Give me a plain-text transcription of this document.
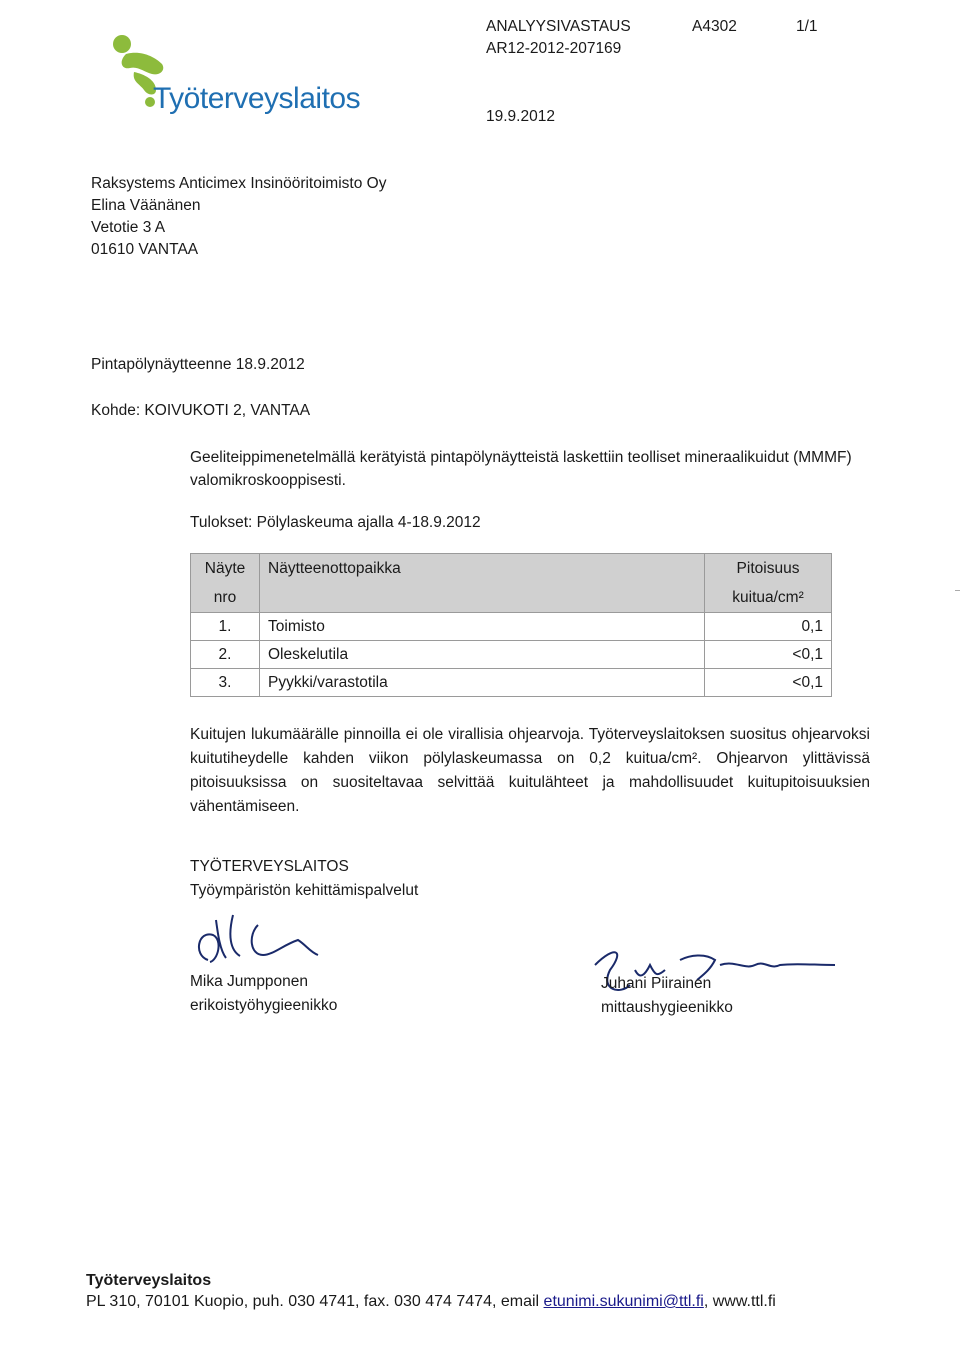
Työterveyslaitos
ANALYYSIVASTAUS	A4302	1/1
AR12-2012-207169
19.9.2012
Raksystems Anticimex Insinööritoimisto Oy
Elina Väänänen
Vetotie 3 A
01610 VANTAA
Pintapölynäytteenne 18.9.2012
Kohde: KOIVUKOTI 2, VANTAA
Geeliteippimenetelmällä kerätyistä pintapölynäytteistä laskettiin teolliset mineraalikuidut (MMMF) valomikroskooppisesti.
Tulokset: Pölylaskeuma ajalla 4-18.9.2012
Näyte	Näytteenottopaikka	Pitoisuus
nro		kuitua/cm²
1.	Toimisto	0,1
2.	Oleskelutila	<0,1
3.	Pyykki/varastotila	<0,1

Kuitujen lukumäärälle pinnoilla ei ole virallisia ohjearvoja. Työterveyslaitoksen suositus ohjearvoksi kuitutiheydelle kahden viikon pölylaskeumassa on 0,2 kuitua/cm². Ohjearvon ylittävissä pitoisuuksissa on suositeltavaa selvittää kuitulähteet ja mahdollisuudet kuitupitoisuuksien vähentämiseen.

TYÖTERVEYSLAITOS
Työympäristön kehittämispalvelut
Mika Jumpponen
erikoistyöhygieenikko
Juhani Piirainen
mittaushygieenikko
Työterveyslaitos
PL 310, 70101 Kuopio, puh. 030 4741, fax. 030 474 7474, email etunimi.sukunimi@ttl.fi, www.ttl.fi
